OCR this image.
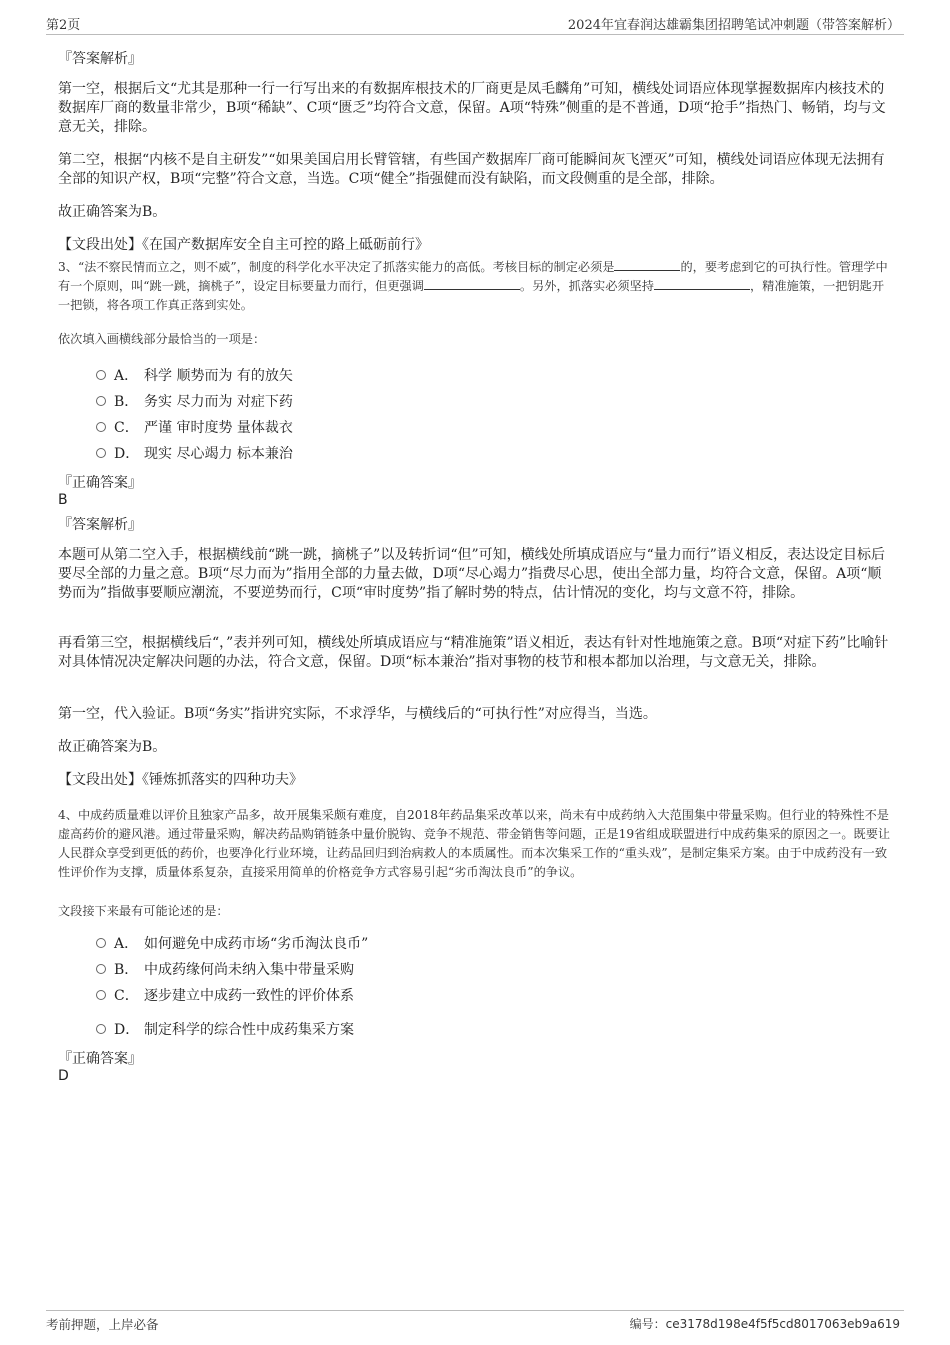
第2页	2024年宜春润达雄霸集团招聘笔试冲刺题（带答案解析）
『答案解析』
第一空，根据后文“尤其是那种一行一行写出来的有数据库根技术的厂商更是凤毛麟角”可知，横线处词语应体现掌握数据库内核技术的数据库厂商的数量非常少，B项“稀缺”、C项“匮乏”均符合文意，保留。A项“特殊”侧重的是不普通，D项“抢手”指热门、畅销，均与文意无关，排除。
第二空，根据“内核不是自主研发”“如果美国启用长臂管辖，有些国产数据库厂商可能瞬间灰飞湮灭”可知，横线处词语应体现无法拥有全部的知识产权，B项“完整”符合文意，当选。C项“健全”指强健而没有缺陷，而文段侧重的是全部，排除。
故正确答案为B。
【文段出处】《在国产数据库安全自主可控的路上砥砺前行》
3、“法不察民情而立之，则不威”，制度的科学化水平决定了抓落实能力的高低。考核目标的制定必须是	的，要考虑到它的可执行性。管理学中有一个原则，叫“跳一跳，摘桃子”，设定目标要量力而行，但更强调	。另外，抓落实必须坚持	，精准施策，一把钥匙开一把锁，将各项工作真正落到实处。
依次填入画横线部分最恰当的一项是：
A． 科学 顺势而为 有的放矢
B． 务实 尽力而为 对症下药
C． 严谨 审时度势 量体裁衣
D． 现实 尽心竭力 标本兼治
『正确答案』
B
『答案解析』
本题可从第二空入手，根据横线前“跳一跳，摘桃子”以及转折词“但”可知，横线处所填成语应与“量力而行”语义相反，表达设定目标后要尽全部的力量之意。B项“尽力而为”指用全部的力量去做，D项“尽心竭力”指费尽心思，使出全部力量，均符合文意，保留。A项“顺势而为”指做事要顺应潮流，不要逆势而行，C项“审时度势”指了解时势的特点，估计情况的变化，均与文意不符，排除。
再看第三空，根据横线后“，”表并列可知，横线处所填成语应与“精准施策”语义相近，表达有针对性地施策之意。B项“对症下药”比喻针对具体情况决定解决问题的办法，符合文意，保留。D项“标本兼治”指对事物的枝节和根本都加以治理，与文意无关，排除。
第一空，代入验证。B项“务实”指讲究实际，不求浮华，与横线后的“可执行性”对应得当，当选。
故正确答案为B。
【文段出处】《锤炼抓落实的四种功夫》
4、中成药质量难以评价且独家产品多，故开展集采颇有难度，自2018年药品集采改革以来，尚未有中成药纳入大范围集中带量采购。但行业的特殊性不是虚高药价的避风港。通过带量采购，解决药品购销链条中量价脱钩、竞争不规范、带金销售等问题，正是19省组成联盟进行中成药集采的原因之一。既要让人民群众享受到更低的药价，也要净化行业环境，让药品回归到治病救人的本质属性。而本次集采工作的“重头戏”，是制定集采方案。由于中成药没有一致性评价作为支撑，质量体系复杂，直接采用简单的价格竞争方式容易引起“劣币淘汰良币”的争议。
文段接下来最有可能论述的是：
A． 如何避免中成药市场“劣币淘汰良币”
B． 中成药缘何尚未纳入集中带量采购
C． 逐步建立中成药一致性的评价体系
D． 制定科学的综合性中成药集采方案
『正确答案』
D
考前押题，上岸必备	编号：ce3178d198e4f5f5cd8017063eb9a619
